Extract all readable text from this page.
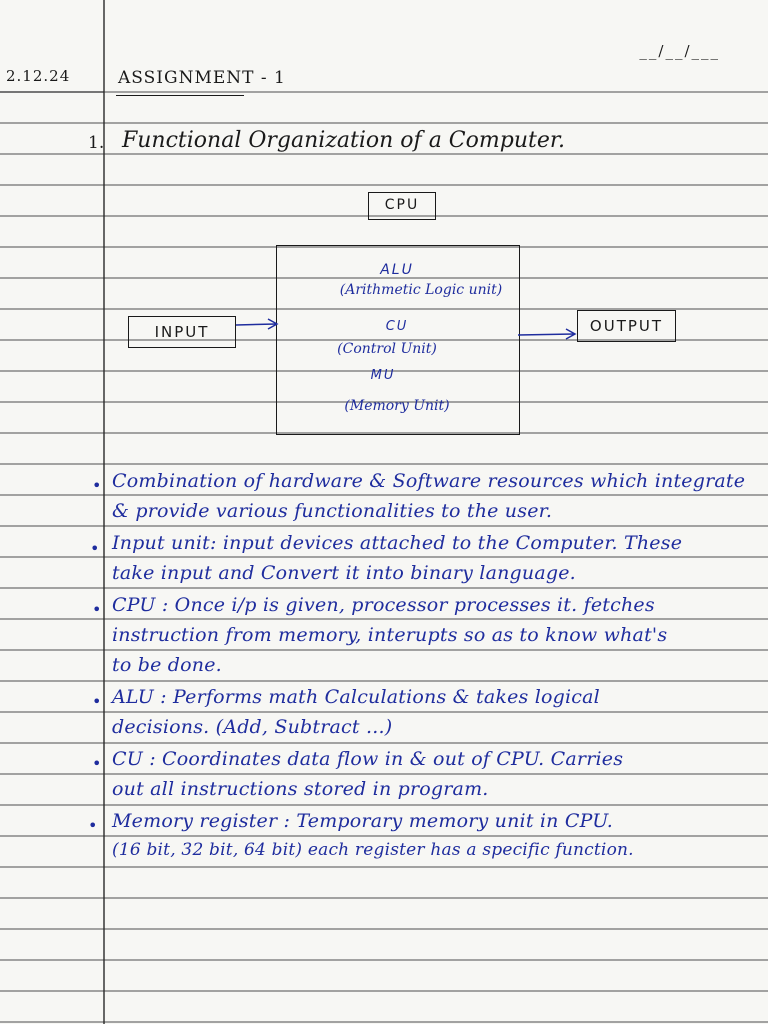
2.12.24
__/__/___
ASSIGNMENT - 1
1. Functional Organization of a Computer.
CPU
ALU
(Arithmetic Logic unit)
CU
(Control Unit)
MU
(Memory Unit)
INPUT	OUTPUT
• Combination of hardware & Software resources which integrate
& provide various functionalities to the user.
• Input unit: input devices attached to the Computer. These
take input and Convert it into binary language.
• CPU : Once i/p is given, processor processes it. fetches
instruction from memory, interupts so as to know what's
to be done.
• ALU : Performs math Calculations & takes logical
decisions. (Add, Subtract ...)
• CU : Coordinates data flow in & out of CPU. Carries
out all instructions stored in program.
• Memory register : Temporary memory unit in CPU.
(16 bit, 32 bit, 64 bit) each register has a specific function.
